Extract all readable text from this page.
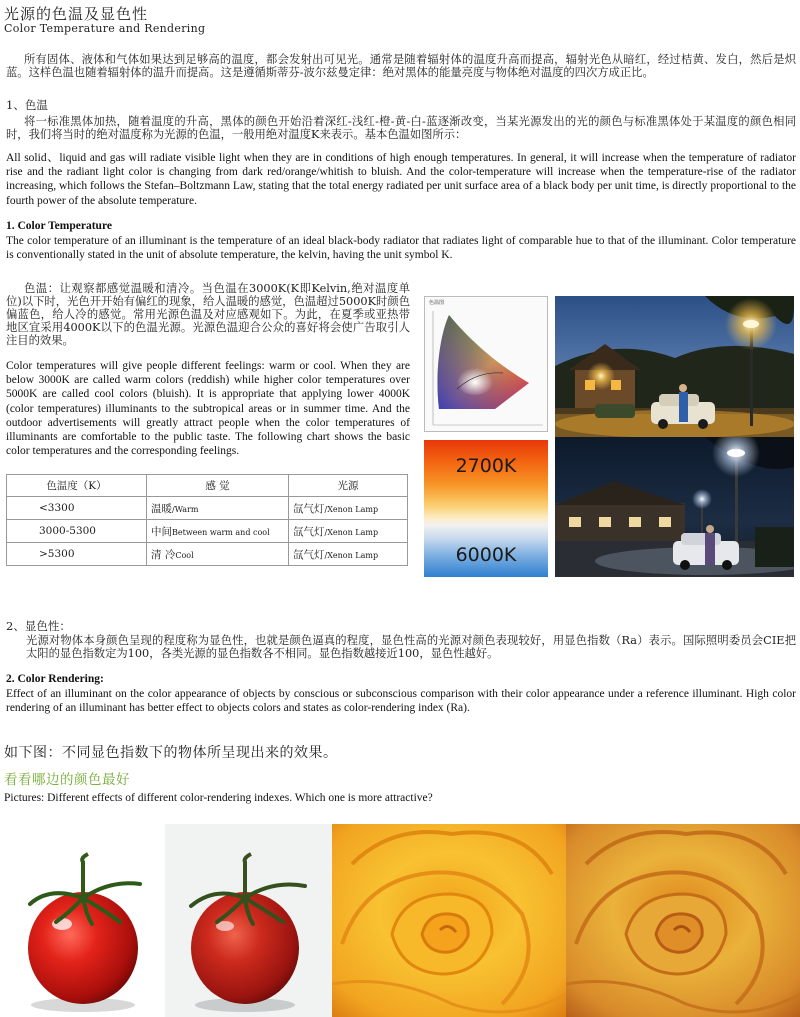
光源的色温及显色性
Color Temperature and Rendering
所有固体、液体和气体如果达到足够高的温度，都会发射出可见光。通常是随着辐射体的温度升高而提高，辐射光色从暗红，经过桔黄、发白，然后是炽蓝。这样色温也随着辐射体的温升而提高。这是遵循斯蒂芬-波尔兹曼定律：绝对黑体的能量亮度与物体绝对温度的四次方成正比。
1、色温
将一标准黑体加热，随着温度的升高，黑体的颜色开始沿着深红-浅红-橙-黄-白-蓝逐渐改变，当某光源发出的光的颜色与标准黑体处于某温度的颜色相同时，我们将当时的绝对温度称为光源的色温，一般用绝对温度K来表示。基本色温如图所示：
All solid、liquid and gas will radiate visible light when they are in conditions of high enough temperatures. In general, it will increase when the temperature of radiator rise and the radiant light color is changing from dark red/orange/whitish to bluish. And the color-temperature will increase when the temperature-rise of the radiator increasing, which follows the Stefan–Boltzmann Law, stating that the total energy radiated per unit surface area of a black body per unit time, is directly proportional to the fourth power of the absolute temperature.
1. Color Temperature
The color temperature of an illuminant is the temperature of an ideal black-body radiator that radiates light of comparable hue to that of the illuminant. Color temperature is conventionally stated in the unit of absolute temperature, the kelvin, having the unit symbol K.
色温：让观察都感觉温暖和清冷。当色温在3000K(K即Kelvin,绝对温度单位)以下时，光色开开始有偏红的现象，给人温暖的感觉，色温超过5000K时颜色偏蓝色，给人冷的感觉。常用光源色温及对应感观如下。为此，在夏季或亚热带地区宜采用4000K以下的色温光源。光源色温迎合公众的喜好将会使广告取引人注目的效果。
Color temperatures will give people different feelings: warm or cool. When they are below 3000K are called warm colors (reddish) while higher color temperatures over 5000K are called cool colors (bluish). It is appropriate that applying lower 4000K (color temperatures) illuminants to the subtropical areas or in summer time. And the outdoor advertisements will greatly attract people when the color temperatures of illuminants are comfortable to the public taste. The following chart shows the basic color temperatures and the corresponding feelings.
色温度（K）	感 觉	光源
<3300	温暖/Warm	氙气灯/Xenon Lamp
3000-5300	中间Between warm and cool	氙气灯/Xenon Lamp
>5300	清 冷Cool	氙气灯/Xenon Lamp
色温图
2700K
6000K
2、显色性：
光源对物体本身颜色呈现的程度称为显色性，也就是颜色逼真的程度，显色性高的光源对颜色表现较好，用显色指数（Ra）表示。国际照明委员会CIE把太阳的显色指数定为100，各类光源的显色指数各不相同。显色指数越接近100，显色性越好。
2. Color Rendering:
Effect of an illuminant on the color appearance of objects by conscious or subconscious comparison with their color appearance under a reference illuminant. High color rendering of an illuminant has better effect to objects colors and states as color-rendering index (Ra).
如下图：不同显色指数下的物体所呈现出来的效果。
看看哪边的颜色最好
Pictures: Different effects of different color-rendering indexes. Which one is more attractive?
